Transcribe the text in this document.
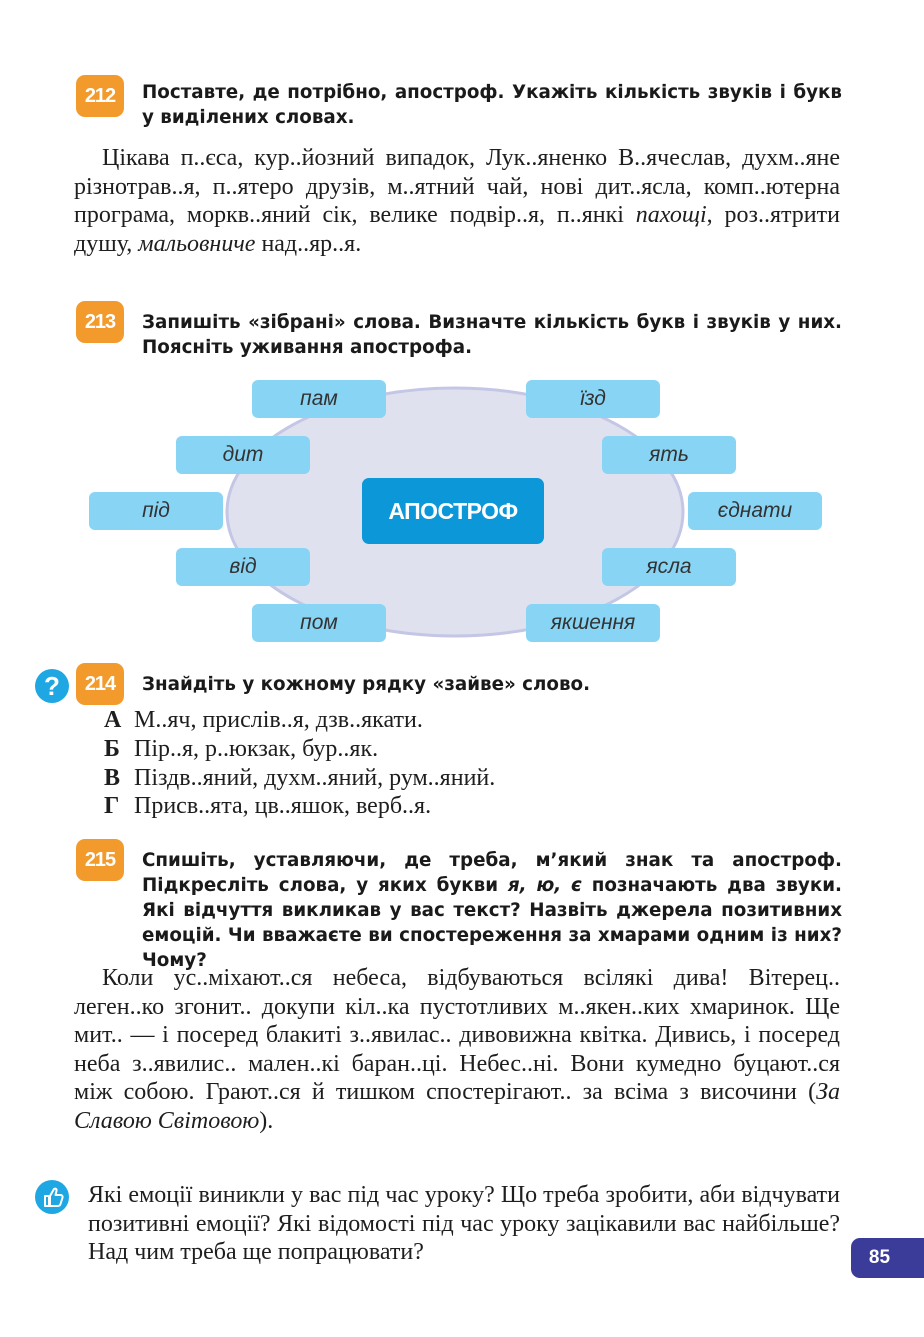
212	Поставте, де потрібно, апостроф. Укажіть кількість звуків і букв у виділених словах.

Цікава п..єса, кур..йозний випадок, Лук..яненко В..ячеслав, духм..яне різнотрав..я, п..ятеро друзів, м..ятний чай, нові дит..ясла, комп..ютерна програма, моркв..яний сік, велике подвір..я, п..янкі пахощі, роз..ятрити душу, мальовниче над..яр..я.

213	Запишіть «зібрані» слова. Визначте кількість букв і звуків у них. Поясніть уживання апострофа.

АПОСТРОФ
пам
дит
під
від
пом
їзд
ять
єднати
ясла
якшення
?	214	Знайдіть у кожному рядку «зайве» слово.

А М..яч, прислів..я, дзв..якати.
Б Пір..я, р..юкзак, бур..як.
В Піздв..яний, духм..яний, рум..яний.
Г Присв..ята, цв..яшок, верб..я.
215	Спишіть, уставляючи, де треба, м’який знак та апостроф. Підкресліть слова, у яких букви я, ю, є позначають два звуки. Які відчуття викликав у вас текст? Назвіть джерела позитивних емоцій. Чи вважаєте ви спостереження за хмарами одним із них? Чому?

Коли ус..міхают..ся небеса, відбуваються всілякі дива! Вітерец.. леген..ко згонит.. докупи кіл..ка пустотливих м..якен..ких хмаринок. Ще мит.. — і посеред блакиті з..явилас.. дивовижна квітка. Дивись, і посеред неба з..явилис.. мален..кі баран..ці. Небес..ні. Вони кумедно буцают..ся між собою. Грают..ся й тишком спостерігают.. за всіма з височини (За Славою Світовою).

Які емоції виникли у вас під час уроку? Що треба зробити, аби відчувати позитивні емоції? Які відомості під час уроку зацікавили вас найбільше? Над чим треба ще попрацювати?	85
